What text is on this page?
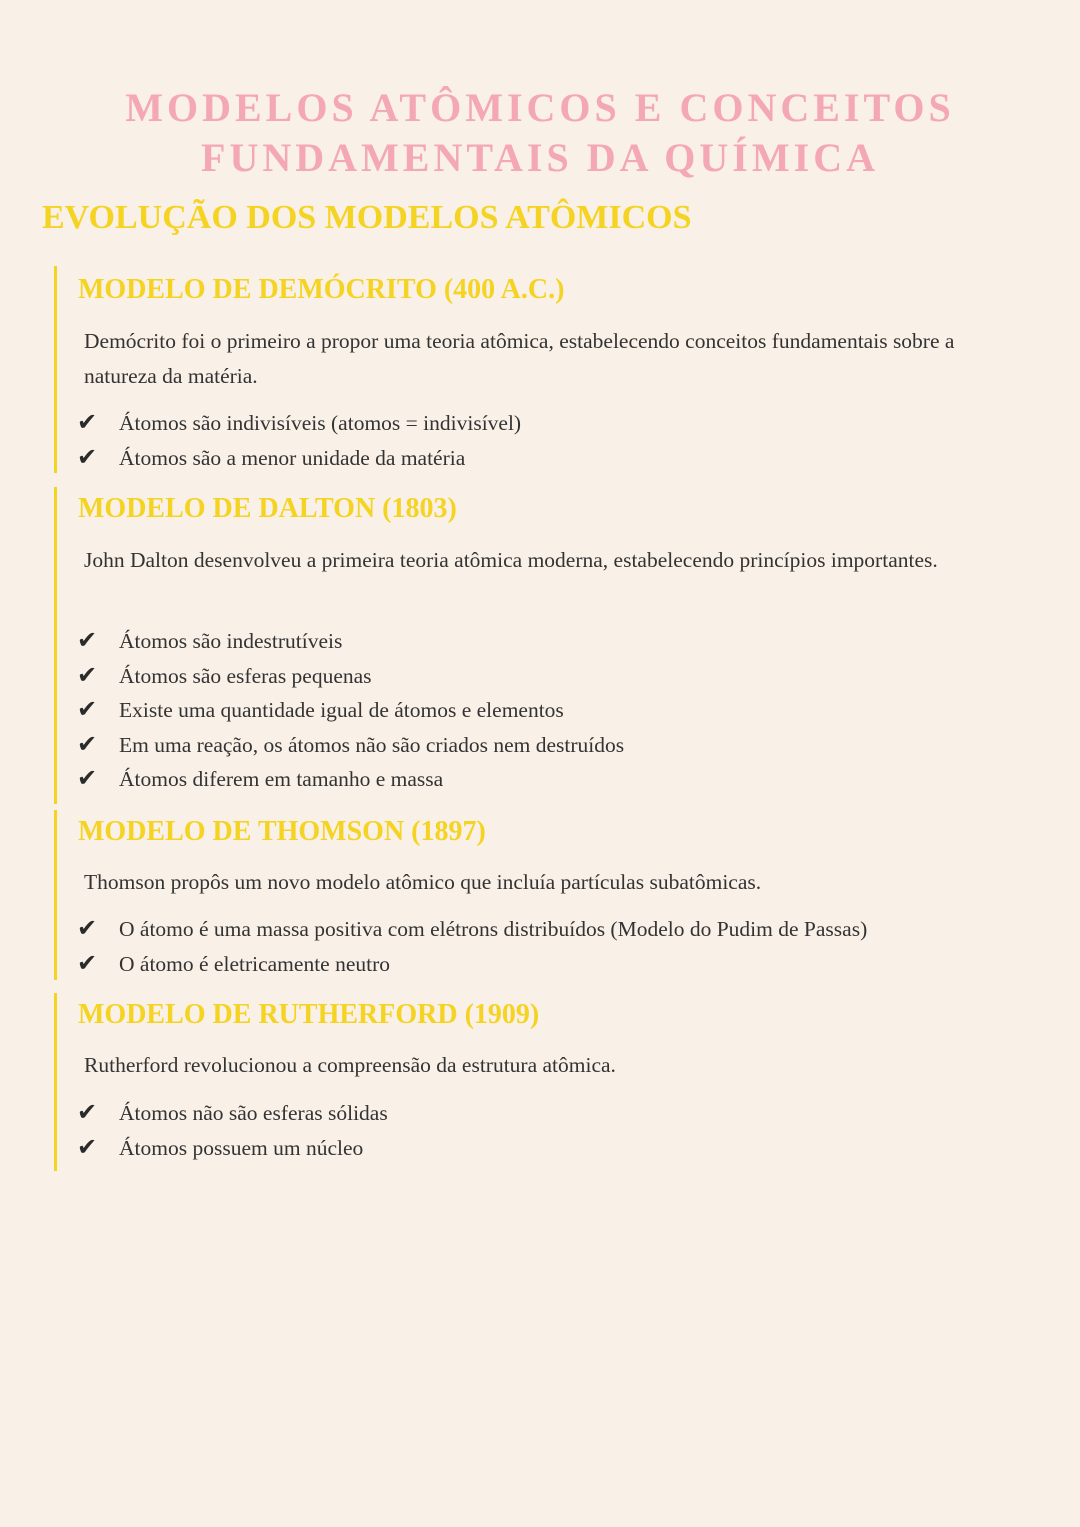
MODELOS ATÔMICOS E CONCEITOS
FUNDAMENTAIS DA QUÍMICA
EVOLUÇÃO DOS MODELOS ATÔMICOS
MODELO DE DEMÓCRITO (400 A.C.)

Demócrito foi o primeiro a propor uma teoria atômica, estabelecendo conceitos fundamentais sobre a natureza da matéria.

✔ Átomos são indivisíveis (atomos = indivisível)
✔ Átomos são a menor unidade da matéria
MODELO DE DALTON (1803)

John Dalton desenvolveu a primeira teoria atômica moderna, estabelecendo princípios importantes.

✔ Átomos são indestrutíveis
✔ Átomos são esferas pequenas
✔ Existe uma quantidade igual de átomos e elementos
✔ Em uma reação, os átomos não são criados nem destruídos
✔ Átomos diferem em tamanho e massa
MODELO DE THOMSON (1897)

Thomson propôs um novo modelo atômico que incluía partículas subatômicas.

✔ O átomo é uma massa positiva com elétrons distribuídos (Modelo do Pudim de Passas)
✔ O átomo é eletricamente neutro
MODELO DE RUTHERFORD (1909)

Rutherford revolucionou a compreensão da estrutura atômica.

✔ Átomos não são esferas sólidas
✔ Átomos possuem um núcleo
